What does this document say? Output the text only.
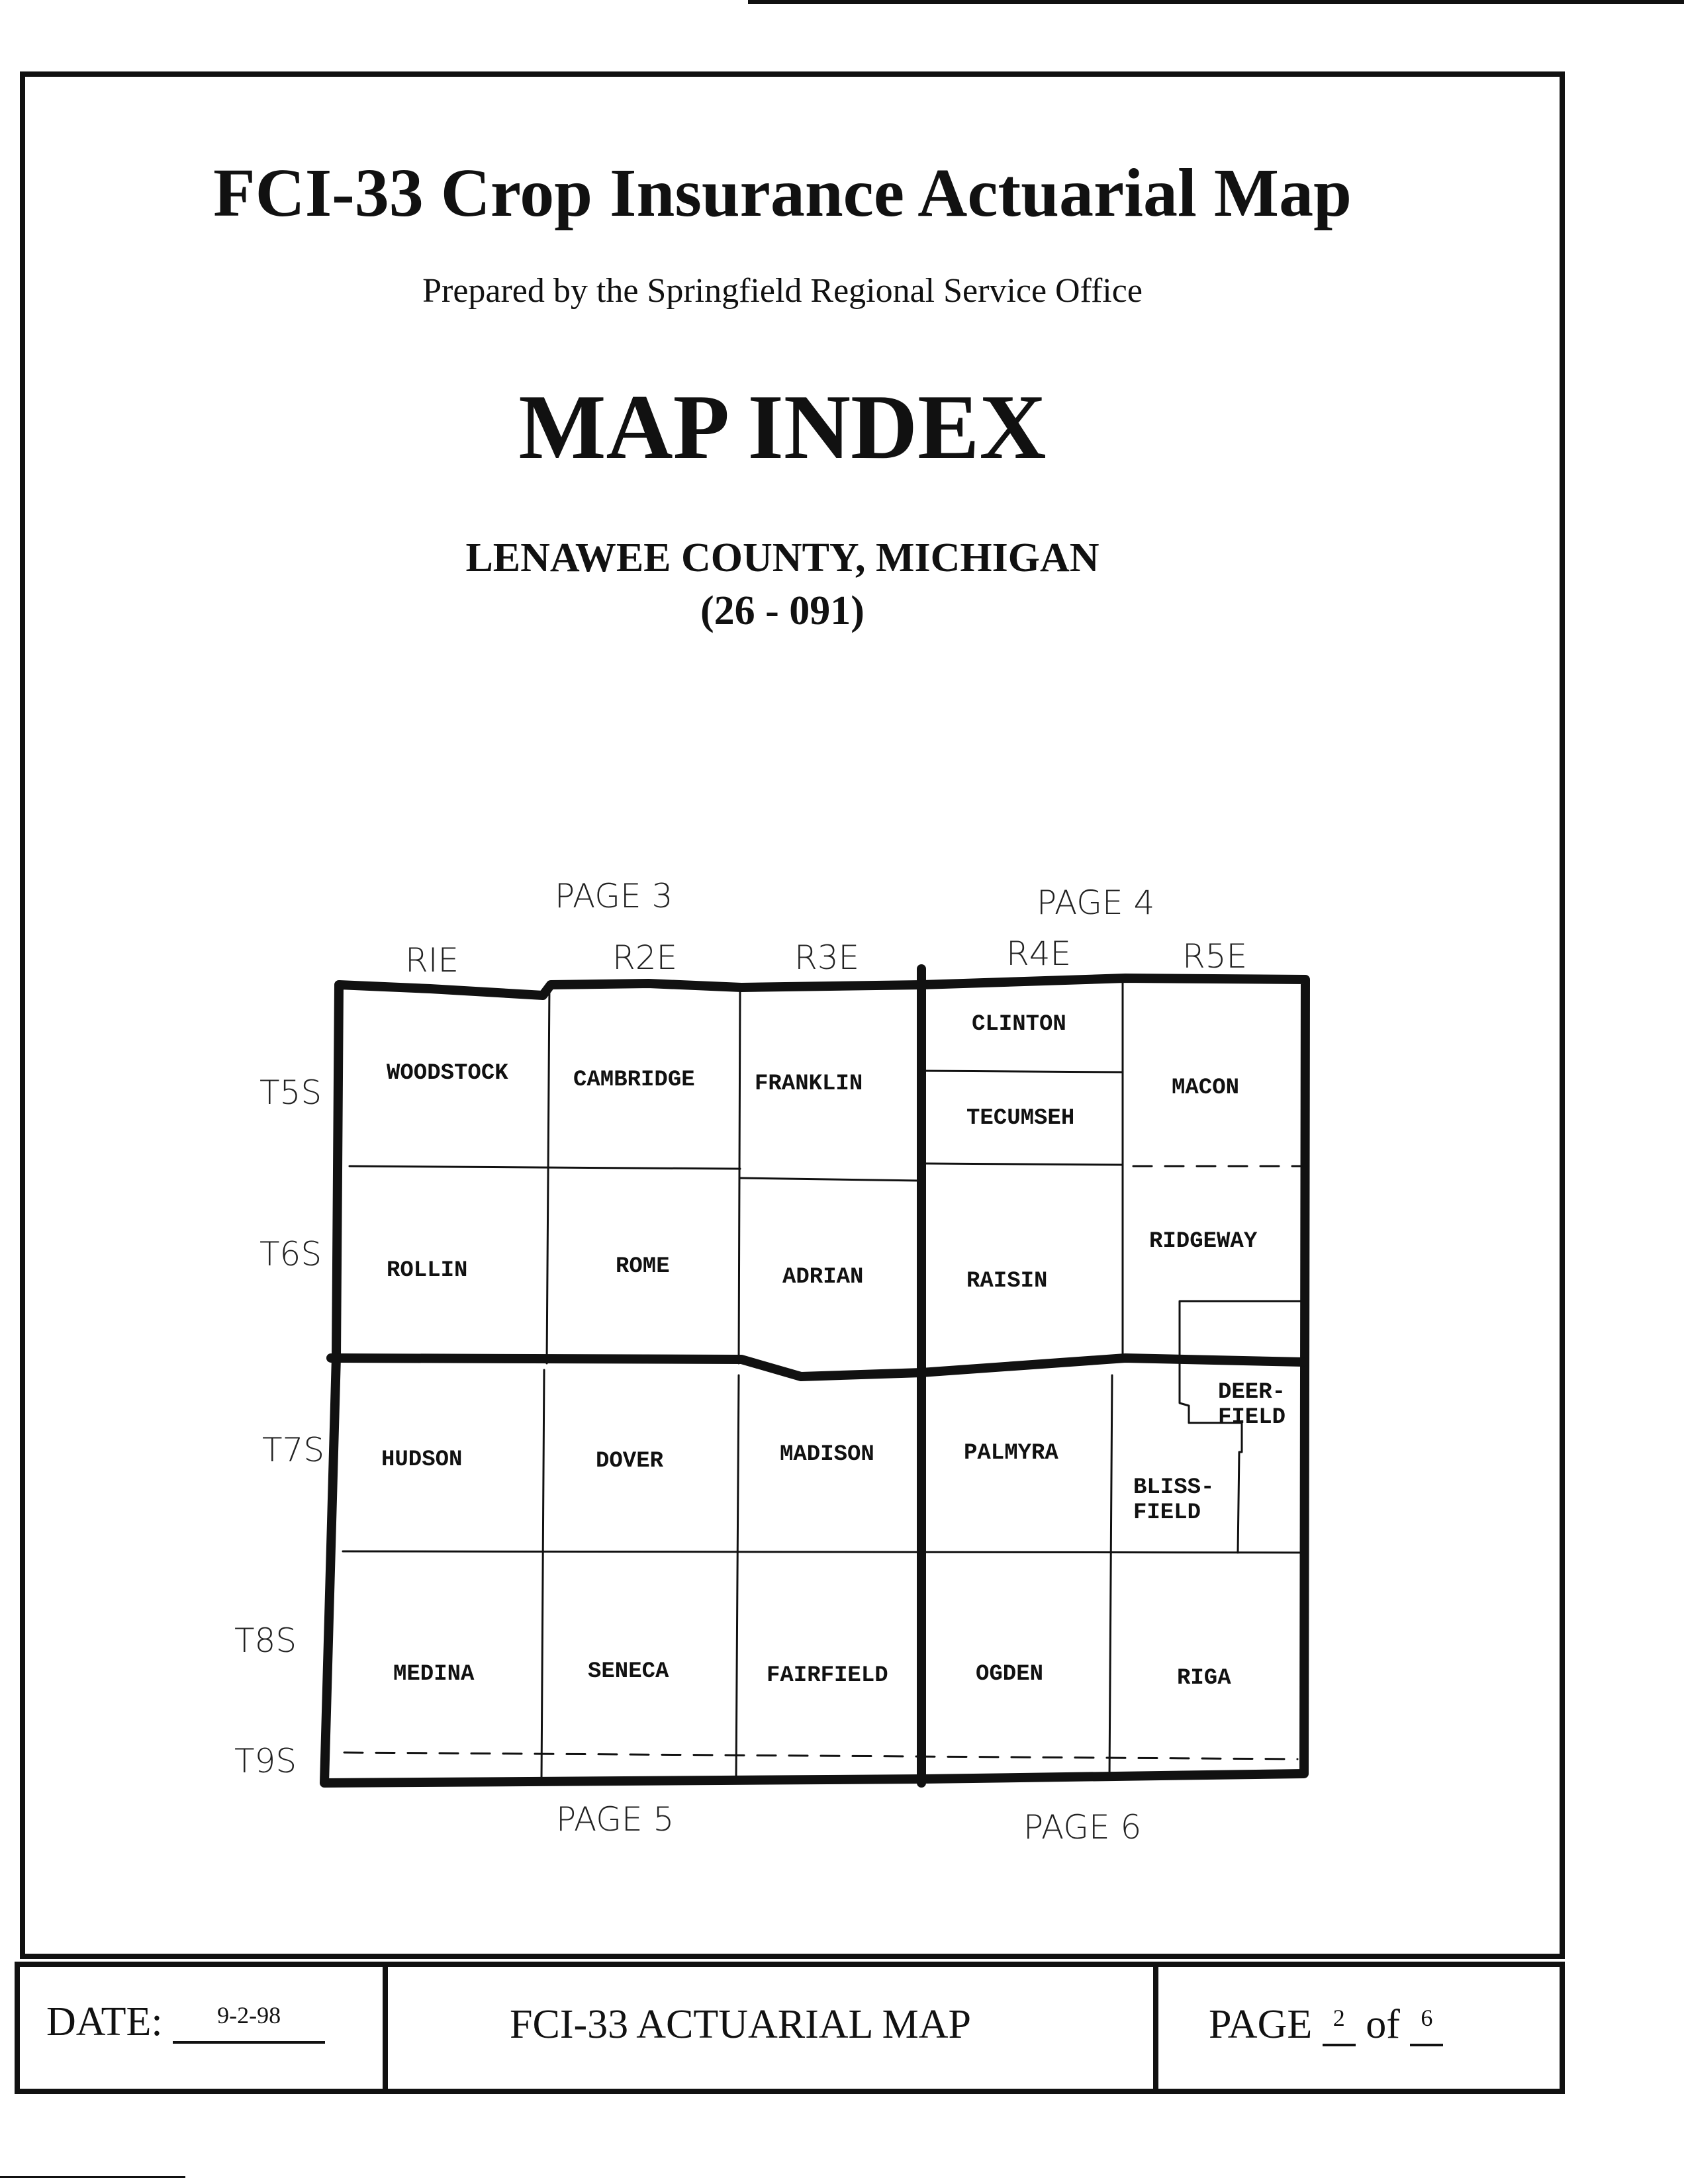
FCI-33 Crop Insurance Actuarial Map
Prepared by the Springfield Regional Service Office
MAP INDEX
LENAWEE COUNTY, MICHIGAN
(26 - 091)
PAGE 3	PAGE 4
PAGE 5	PAGE 6
RIE	R2E	R3E	R4E	R5E
T5S
T6S
T7S
T8S
T9S
WOODSTOCK	CAMBRIDGE	FRANKLIN
CLINTON
TECUMSEH
MACON
ROLLIN	ROME	ADRIAN	RAISIN
RIDGEWAY
DEER-
FIELD
HUDSON	DOVER	MADISON	PALMYRA
BLISS-
FIELD
MEDINA	SENECA	FAIRFIELD	OGDEN	RIGA
DATE: 9-2-98	FCI-33 ACTUARIAL MAP	PAGE 2 of 6
